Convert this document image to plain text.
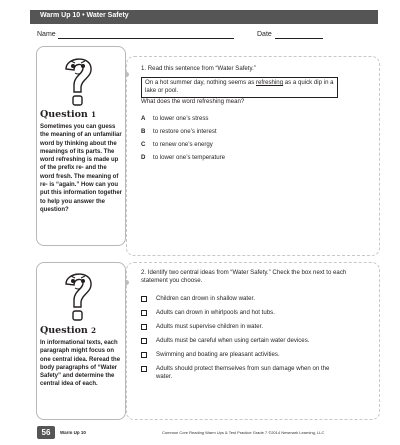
Warm Up 10 • Water Safety
Name	Date
Question 1
Sometimes you can guess the meaning of an unfamiliar word by thinking about the meanings of its parts. The word refreshing is made up of the prefix re- and the word fresh. The meaning of re- is “again.” How can you put this information together to help you answer the question?
Question 2
In informational texts, each paragraph might focus on one central idea. Reread the body paragraphs of “Water Safety” and determine the central idea of each.
1. Read this sentence from “Water Safety.”
On a hot summer day, nothing seems as refreshing as a quick dip in a lake or pool.
What does the word refreshing mean?
A	to lower one’s stress
B	to restore one’s interest
C	to renew one’s energy
D	to lower one’s temperature
2. Identify two central ideas from “Water Safety.” Check the box next to each statement you choose.
Children can drown in shallow water.
Adults can drown in whirlpools and hot tubs.
Adults must supervise children in water.
Adults must be careful when using certain water devices.
Swimming and boating are pleasant activities.
Adults should protect themselves from sun damage when on the water.
56	Warm Up 10	Common Core Reading Warm Ups & Test Practice Grade 7 ©2014 Newmark Learning, LLC
